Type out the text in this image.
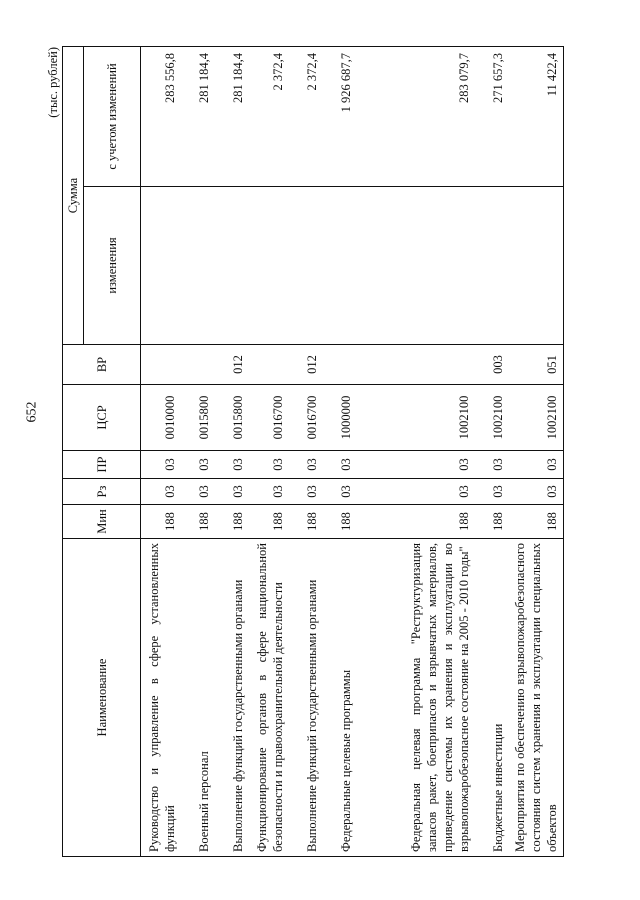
652
(тыс. рублей)
Наименование	Мин	Рз	ПР	ЦСР	ВР	Сумма	
						изменения	с учетом изменений
Руководство и управление в сфере установленных функций	188	03	03	0010000			283 556,8
Военный персонал	188	03	03	0015800			281 184,4
Выполнение функций государственными органами	188	03	03	0015800	012		281 184,4
Функционирование органов в сфере национальной безопасности и правоохранительной деятельности	188	03	03	0016700			2 372,4
Выполнение функций государственными органами	188	03	03	0016700	012		2 372,4
Федеральные целевые программы	188	03	03	1000000			1 926 687,7
Федеральная целевая программа "Реструктуризация запасов ракет, боеприпасов и взрывчатых материалов, приведение системы их хранения и эксплуатации во взрывопожаробезопасное состояние на 2005 - 2010 годы"	188	03	03	1002100			283 079,7
Бюджетные инвестиции	188	03	03	1002100	003		271 657,3
Мероприятия по обеспечению взрывопожаробезопасного состояния систем хранения и эксплуатации специальных объектов	188	03	03	1002100	051		11 422,4
